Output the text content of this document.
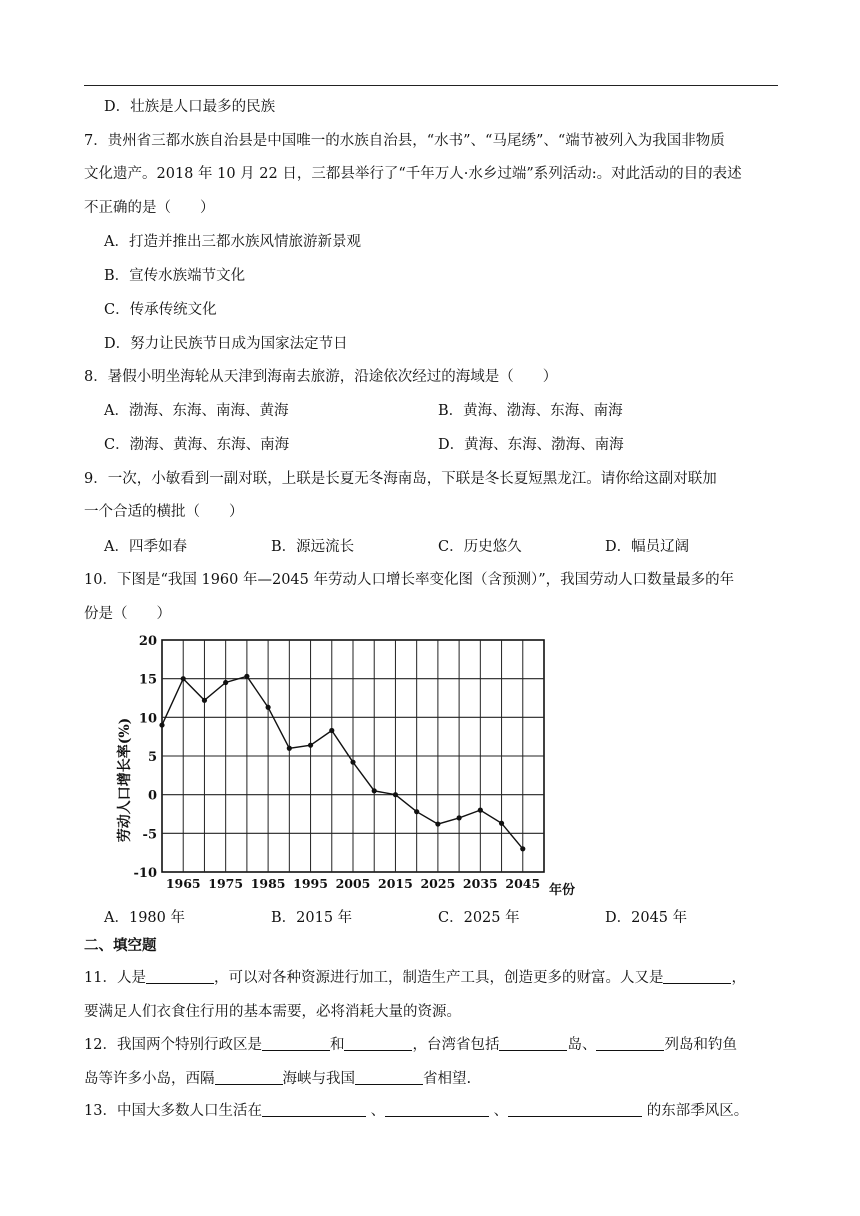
D．壮族是人口最多的民族
7．贵州省三都水族自治县是中国唯一的水族自治县，“水书”、“马尾绣”、“端节被列入为我国非物质
文化遗产。2018 年 10 月 22 日，三都县举行了“千年万人·水乡过端”系列活动:。对此活动的目的表述
不正确的是（　　）
A．打造并推出三都水族风情旅游新景观
B．宣传水族端节文化
C．传承传统文化
D．努力让民族节日成为国家法定节日
8．暑假小明坐海轮从天津到海南去旅游，沿途依次经过的海域是（　　）
A．渤海、东海、南海、黄海	B．黄海、渤海、东海、南海
C．渤海、黄海、东海、南海	D．黄海、东海、渤海、南海
9．一次，小敏看到一副对联，上联是长夏无冬海南岛，下联是冬长夏短黑龙江。请你给这副对联加
一个合适的横批（　　）
A．四季如春	B．源远流长	C．历史悠久	D．幅员辽阔
10．下图是“我国 1960 年—2045 年劳动人口增长率变化图（含预测）”，我国劳动人口数量最多的年
份是（　　）
1965 1975 1985 1995 2005 2015 2025 2035 2045
20
15
10
5
0
-5
-10
劳动人口增长率(%)
年份
A．1980 年	B．2015 年	C．2025 年	D．2045 年
二、填空题
11．人是	，可以对各种资源进行加工，制造生产工具，创造更多的财富。人又是	，
要满足人们衣食住行用的基本需要，必将消耗大量的资源。
12．我国两个特别行政区是	和	，台湾省包括	岛、	列岛和钓鱼
岛等许多小岛，西隔	海峡与我国	省相望.
13．中国大多数人口生活在	、	、	的东部季风区。
